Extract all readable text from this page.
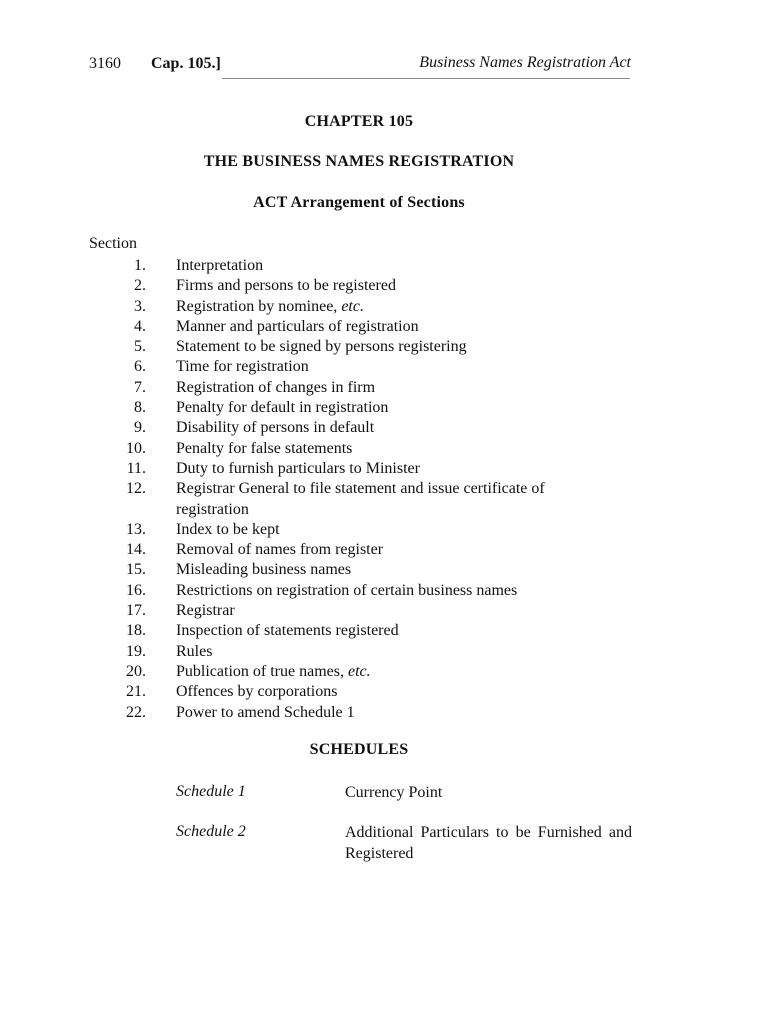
3160 Cap. 105.]	Business Names Registration Act
CHAPTER 105
THE BUSINESS NAMES REGISTRATION
ACT Arrangement of Sections
Section
1. Interpretation
2. Firms and persons to be registered
3. Registration by nominee, etc.
4. Manner and particulars of registration
5. Statement to be signed by persons registering
6. Time for registration
7. Registration of changes in firm
8. Penalty for default in registration
9. Disability of persons in default
10. Penalty for false statements
11. Duty to furnish particulars to Minister
12. Registrar General to file statement and issue certificate of registration
13. Index to be kept
14. Removal of names from register
15. Misleading business names
16. Restrictions on registration of certain business names
17. Registrar
18. Inspection of statements registered
19. Rules
20. Publication of true names, etc.
21. Offences by corporations
22. Power to amend Schedule 1
SCHEDULES
Schedule 1	Currency Point
Schedule 2	Additional Particulars to be Furnished and Registered
